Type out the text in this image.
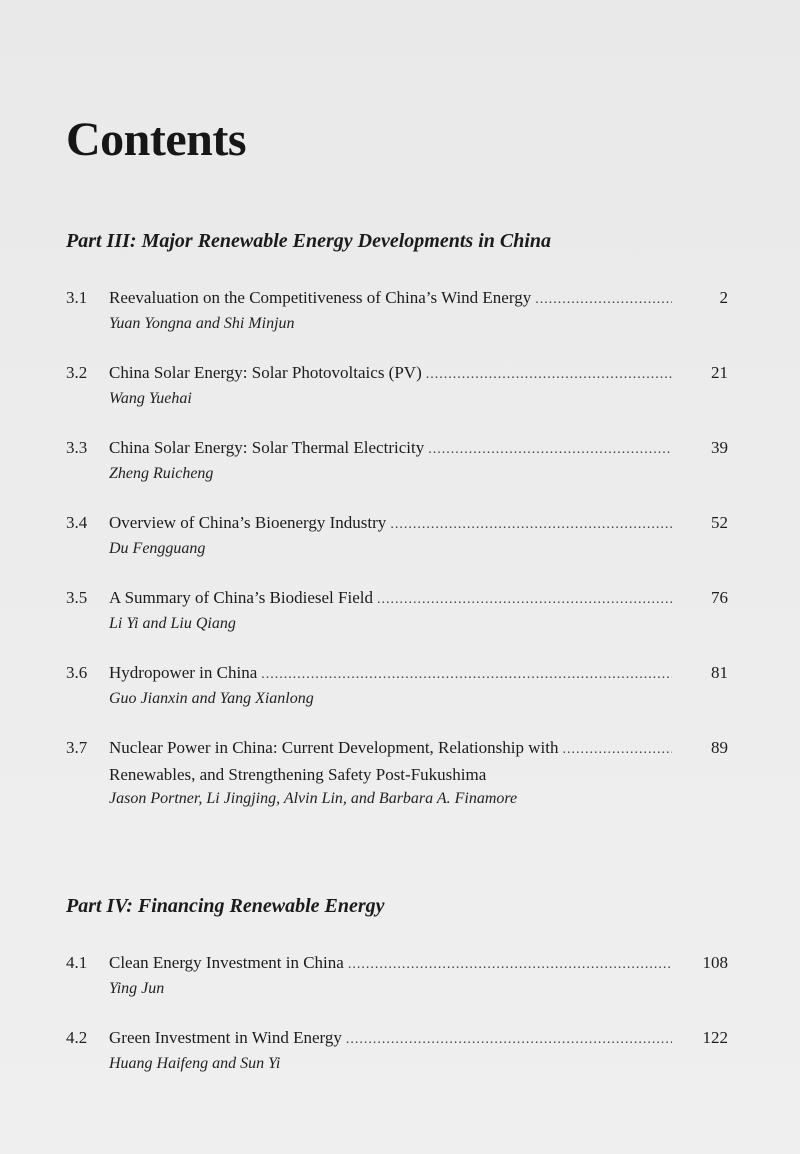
Contents
Part III: Major Renewable Energy Developments in China
3.1	Reevaluation on the Competitiveness of China’s Wind Energy .....	2
Yuan Yongna and Shi Minjun
3.2	China Solar Energy: Solar Photovoltaics (PV) .....	21
Wang Yuehai
3.3	China Solar Energy: Solar Thermal Electricity .....	39
Zheng Ruicheng
3.4	Overview of China’s Bioenergy Industry .....	52
Du Fengguang
3.5	A Summary of China’s Biodiesel Field .....	76
Li Yi and Liu Qiang
3.6	Hydropower in China .....	81
Guo Jianxin and Yang Xianlong
3.7	Nuclear Power in China: Current Development, Relationship with .....	89
Renewables, and Strengthening Safety Post-Fukushima
Jason Portner, Li Jingjing, Alvin Lin, and Barbara A. Finamore
Part IV: Financing Renewable Energy
4.1	Clean Energy Investment in China .....	108
Ying Jun
4.2	Green Investment in Wind Energy .....	122
Huang Haifeng and Sun Yi
